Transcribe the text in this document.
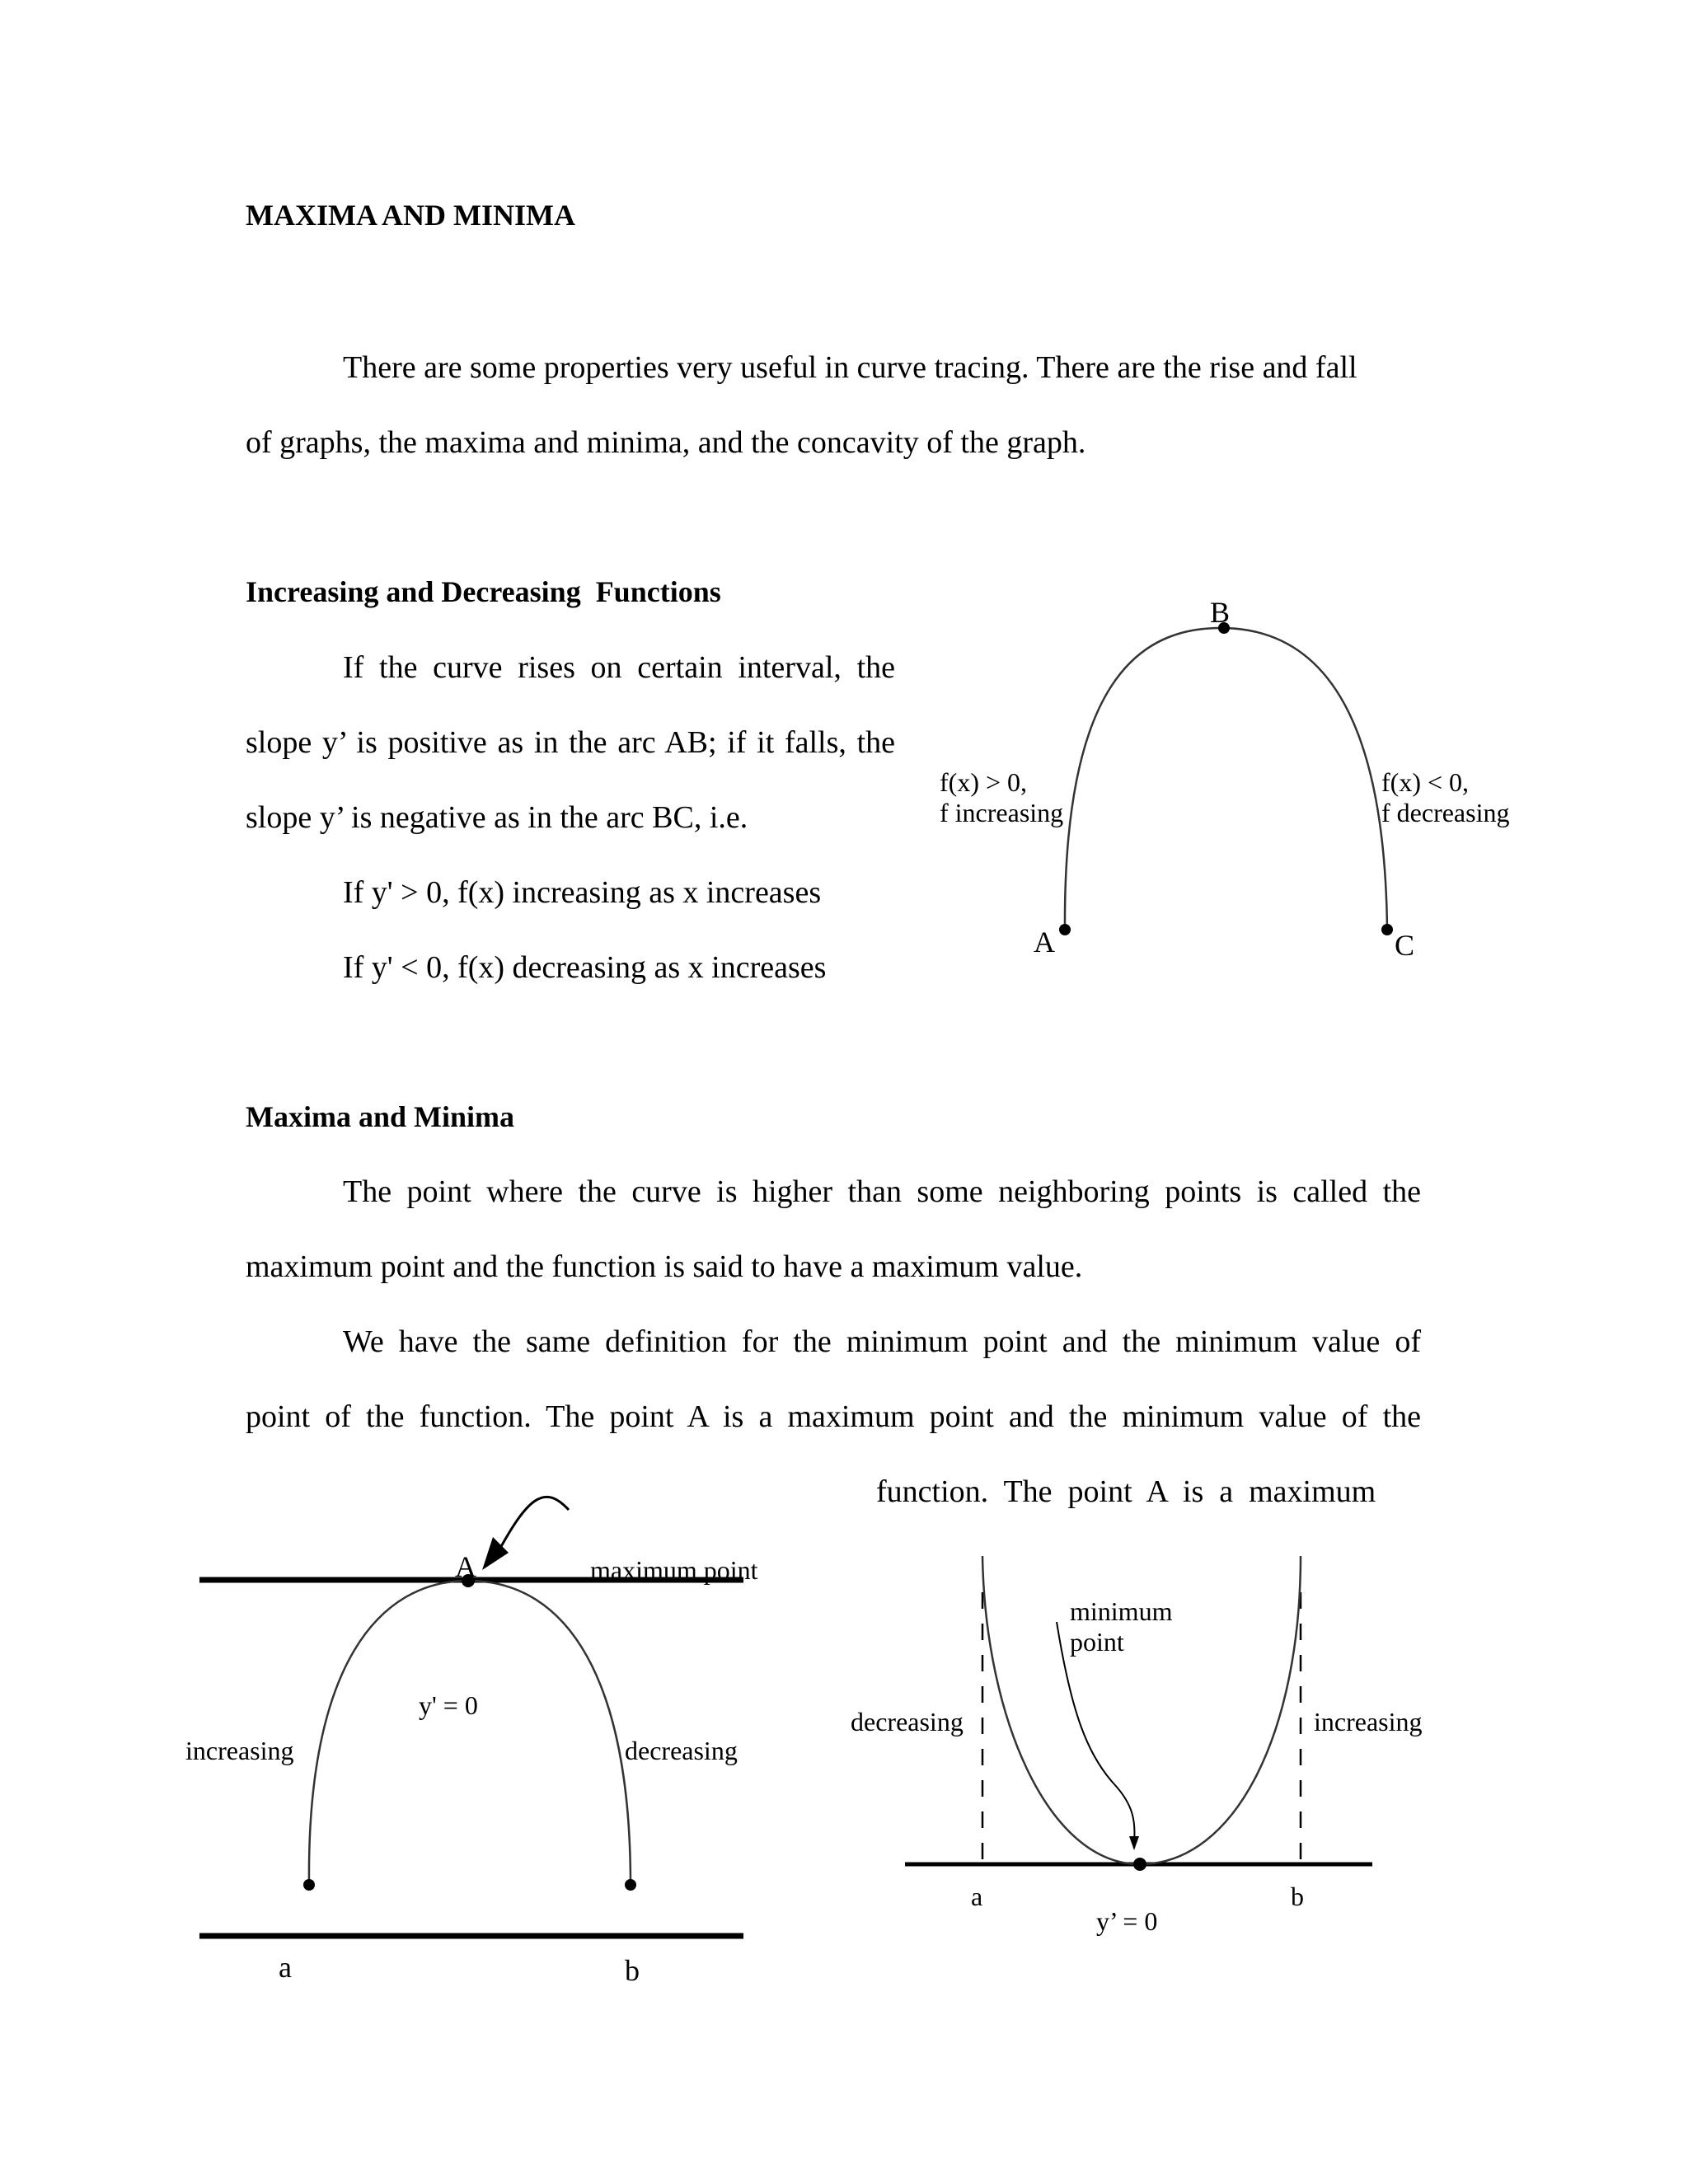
MAXIMA AND MINIMA
There are some properties very useful in curve tracing. There are the rise and fall
of graphs, the maxima and minima, and the concavity of the graph.
Increasing and Decreasing  Functions
If the curve rises on certain interval, the
slope y’ is positive as in the arc AB; if it falls, the
slope y’ is negative as in the arc BC, i.e.
If y' > 0, f(x) increasing as x increases
If y' < 0, f(x) decreasing as x increases
Maxima and Minima
The point where the curve is higher than some neighboring points is called the
maximum point and the function is said to have a maximum value.
We have the same definition for the minimum point and the minimum value of
point of the function. The point A is a maximum point and the minimum value of the
function.  The  point  A  is  a  maximum
B
A	C
f(x) > 0,
f increasing
f(x) < 0,
f decreasing
A	maximum point
y' = 0
increasing	decreasing
a	b
minimum
point
decreasing	increasing
a	b
y’ = 0
